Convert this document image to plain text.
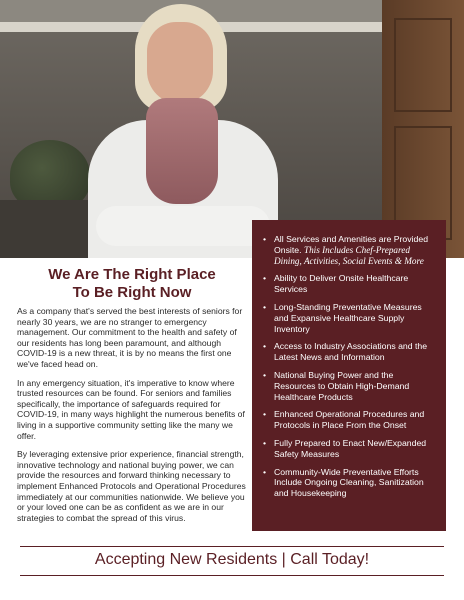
We Are The Right Place
To Be Right Now

As a company that's served the best interests of seniors for nearly 30 years, we are no stranger to emergency management. Our commitment to the health and safety of our residents has long been paramount, and although COVID-19 is a new threat, it is by no means the first one we've faced head on.

In any emergency situation, it's imperative to know where trusted resources can be found. For seniors and families specifically, the importance of safeguards required for COVID-19, in many ways highlight the numerous benefits of living in a supportive community setting like the many we offer.

By leveraging extensive prior experience, financial strength, innovative technology and national buying power, we can provide the resources and forward thinking necessary to implement Enhanced Protocols and Operational Procedures immediately at our communities nationwide. We believe you or your loved one can be as confident as we are in our strategies to combat the spread of this virus.

• All Services and Amenities are Provided Onsite. This Includes Chef-Prepared Dining, Activities, Social Events & More
• Ability to Deliver Onsite Healthcare Services
• Long-Standing Preventative Measures and Expansive Healthcare Supply Inventory
• Access to Industry Associations and the Latest News and Information
• National Buying Power and the Resources to Obtain High-Demand Healthcare Products
• Enhanced Operational Procedures and Protocols in Place From the Onset
• Fully Prepared to Enact New/Expanded Safety Measures
• Community-Wide Preventative Efforts Include Ongoing Cleaning, Sanitization and Housekeeping

Accepting New Residents | Call Today!
